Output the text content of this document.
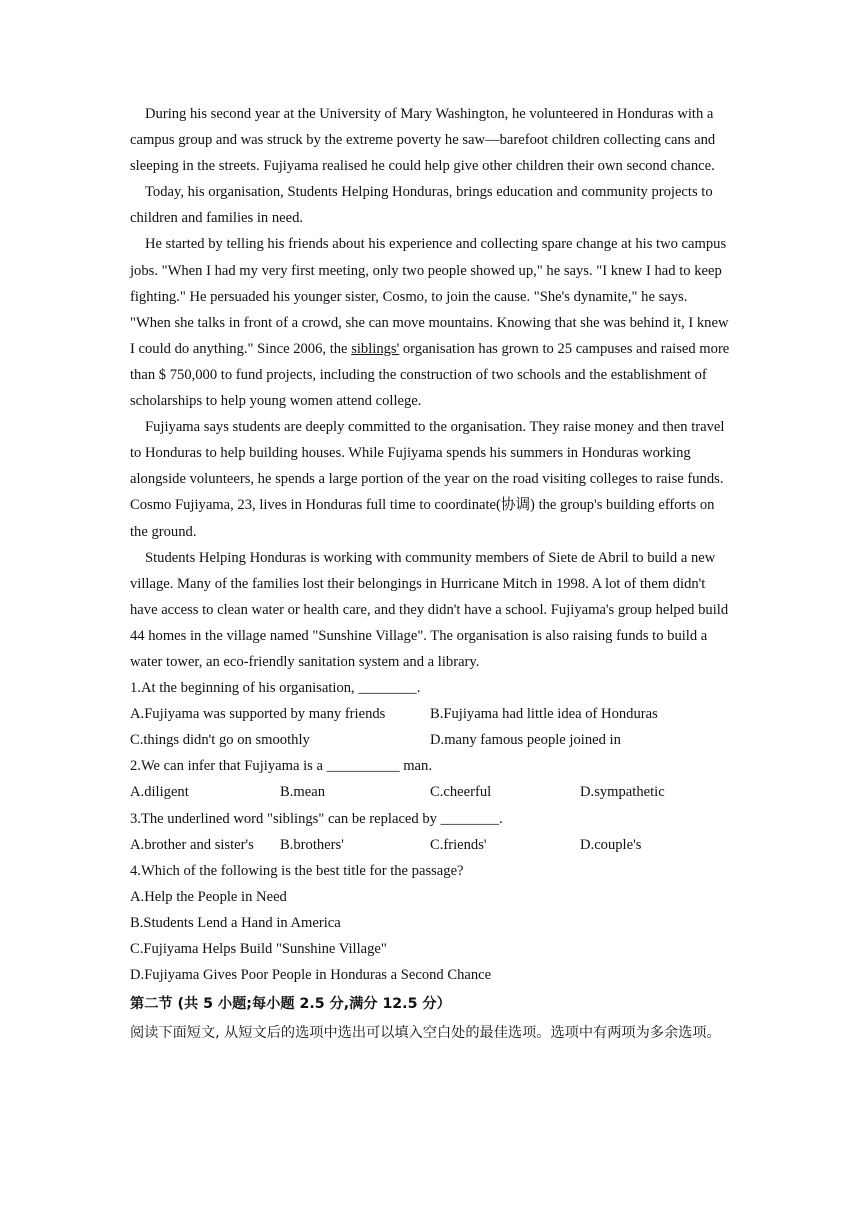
During his second year at the University of Mary Washington, he volunteered in Honduras with a campus group and was struck by the extreme poverty he saw—barefoot children collecting cans and sleeping in the streets. Fujiyama realised he could help give other children their own second chance.

Today, his organisation, Students Helping Honduras, brings education and community projects to children and families in need.

He started by telling his friends about his experience and collecting spare change at his two campus jobs. "When I had my very first meeting, only two people showed up," he says. "I knew I had to keep fighting." He persuaded his younger sister, Cosmo, to join the cause. "She's dynamite," he says. "When she talks in front of a crowd, she can move mountains. Knowing that she was behind it, I knew I could do anything." Since 2006, the siblings' organisation has grown to 25 campuses and raised more than $ 750,000 to fund projects, including the construction of two schools and the establishment of scholarships to help young women attend college.

Fujiyama says students are deeply committed to the organisation. They raise money and then travel to Honduras to help building houses. While Fujiyama spends his summers in Honduras working alongside volunteers, he spends a large portion of the year on the road visiting colleges to raise funds. Cosmo Fujiyama, 23, lives in Honduras full time to coordinate(协调) the group's building efforts on the ground.

Students Helping Honduras is working with community members of Siete de Abril to build a new village. Many of the families lost their belongings in Hurricane Mitch in 1998. A lot of them didn't have access to clean water or health care, and they didn't have a school. Fujiyama's group helped build 44 homes in the village named "Sunshine Village". The organisation is also raising funds to build a water tower, an eco-friendly sanitation system and a library.

1.At the beginning of his organisation, ________.
A.Fujiyama was supported by many friends	B.Fujiyama had little idea of Honduras
C.things didn't go on smoothly	D.many famous people joined in
2.We can infer that Fujiyama is a __________ man.
A.diligent	B.mean	C.cheerful	D.sympathetic
3.The underlined word "siblings" can be replaced by ________.
A.brother and sister's	B.brothers'	C.friends'	D.couple's
4.Which of the following is the best title for the passage?
A.Help the People in Need
B.Students Lend a Hand in America
C.Fujiyama Helps Build "Sunshine Village"
D.Fujiyama Gives Poor People in Honduras a Second Chance
第二节 (共 5 小题;每小题 2.5 分,满分 12.5 分）

阅读下面短文, 从短文后的选项中选出可以填入空白处的最佳选项。选项中有两项为多余选项。
